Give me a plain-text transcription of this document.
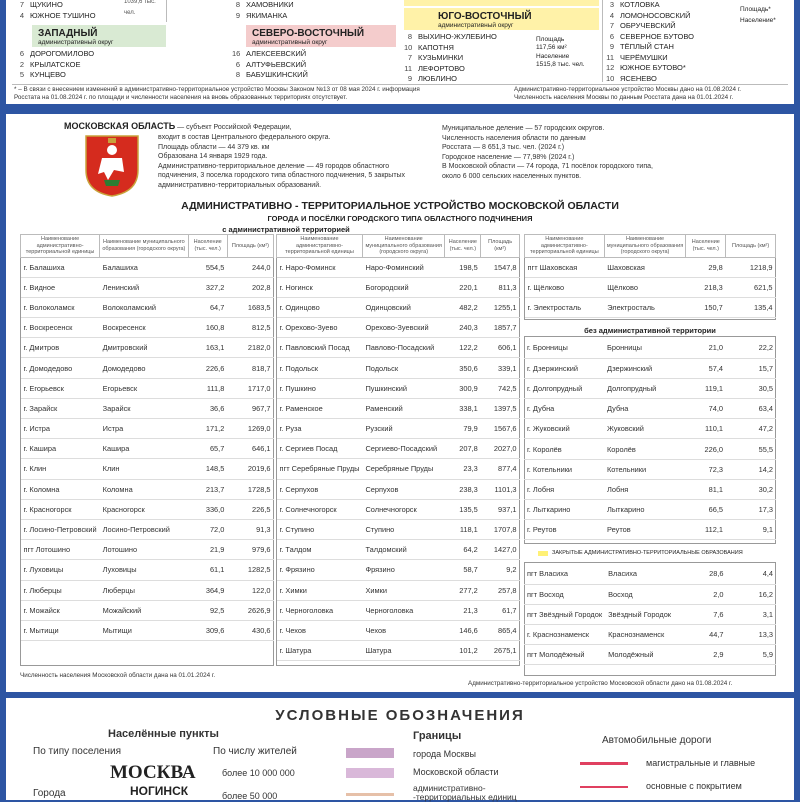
7 ЩУКИНО
4 ЮЖНОЕ ТУШИНО
1039,6 тыс. чел.
ЗАПАДНЫЙ
административный округ
6 ДОРОГОМИЛОВО
2 КРЫЛАТСКОЕ
5 КУНЦЕВО
8 ХАМОВНИКИ
9 ЯКИМАНКА
СЕВЕРО-ВОСТОЧНЫЙ
административный округ
16 АЛЕКСЕЕВСКИЙ
6 АЛТУФЬЕВСКИЙ
8 БАБУШКИНСКИЙ
ЮГО-ВОСТОЧНЫЙ
административный округ
8 ВЫХИНО-ЖУЛЕБИНО
10 КАПОТНЯ
7 КУЗЬМИНКИ
11 ЛЕФОРТОВО
9 ЛЮБЛИНО
Площадь
117,56 км²
Население
1515,8 тыс. чел.
3 КОТЛОВКА
4 ЛОМОНОСОВСКИЙ
7 ОБРУЧЕВСКИЙ
6 СЕВЕРНОЕ БУТОВО
9 ТЁПЛЫЙ СТАН
11 ЧЕРЁМУШКИ
12 ЮЖНОЕ БУТОВО*
10 ЯСЕНЕВО
Площадь*
Население*
* – В связи с внесением изменений в административно-территориальное устройство Москвы Законом №13 от 08 мая 2024 г. информация
Росстата на 01.08.2024 г. по площади и численности населения на вновь образованных территориях отсутствует.
Административно-территориальное устройство Москвы дано на 01.08.2024 г.
Численность населения Москвы по данным Росстата дана на 01.01.2024 г.
МОСКОВСКАЯ ОБЛАСТЬ — субъект Российской Федерации,
входит в состав Центрального федерального округа.
Площадь области — 44 379 кв. км
Образована 14 января 1929 года.
Административно-территориальное деление — 49 городов областного
подчинения, 3 поселка городского типа областного подчинения, 5 закрытых
административно-территориальных образований.
Муниципальное деление — 57 городских округов.
Численность населения области по данным
Росстата — 8 651,3 тыс. чел. (2024 г.)
Городское население — 77,98% (2024 г.)
В Московской области — 74 города, 71 посёлок городского типа,
около 6 000 сельских населенных пунктов.
АДМИНИСТРАТИВНО - ТЕРРИТОРИАЛЬНОЕ УСТРОЙСТВО МОСКОВСКОЙ ОБЛАСТИ
ГОРОДА И ПОСЁЛКИ ГОРОДСКОГО ТИПА ОБЛАСТНОГО ПОДЧИНЕНИЯ
с административной территорией
Наименование административно-территориальной единицы	Наименование муниципального образования (городского округа)	Население (тыс. чел.)	Площадь (км²)
г. Балашиха	Балашиха	554,5	244,0
г. Видное	Ленинский	327,2	202,8
г. Волоколамск	Волоколамский	64,7	1683,5
г. Воскресенск	Воскресенск	160,8	812,5
г. Дмитров	Дмитровский	163,1	2182,0
г. Домодедово	Домодедово	226,6	818,7
г. Егорьевск	Егорьевск	111,8	1717,0
г. Зарайск	Зарайск	36,6	967,7
г. Истра	Истра	171,2	1269,0
г. Кашира	Кашира	65,7	646,1
г. Клин	Клин	148,5	2019,6
г. Коломна	Коломна	213,7	1728,5
г. Красногорск	Красногорск	336,0	226,5
г. Лосино-Петровский	Лосино-Петровский	72,0	91,3
пгт Лотошино	Лотошино	21,9	979,6
г. Луховицы	Луховицы	61,1	1282,5
г. Люберцы	Люберцы	364,9	122,0
г. Можайск	Можайский	92,5	2626,9
г. Мытищи	Мытищи	309,6	430,6
Наименование административно-территориальной единицы	Наименование муниципального образования (городского округа)	Население (тыс. чел.)	Площадь (км²)
г. Наро-Фоминск	Наро-Фоминский	198,5	1547,8
г. Ногинск	Богородский	220,1	811,3
г. Одинцово	Одинцовский	482,2	1255,1
г. Орехово-Зуево	Орехово-Зуевский	240,3	1857,7
г. Павловский Посад	Павлово-Посадский	122,2	606,1
г. Подольск	Подольск	350,6	339,1
г. Пушкино	Пушкинский	300,9	742,5
г. Раменское	Раменский	338,1	1397,5
г. Руза	Рузский	79,9	1567,6
г. Сергиев Посад	Сергиево-Посадский	207,8	2027,0
пгт Серебряные Пруды	Серебряные Пруды	23,3	877,4
г. Серпухов	Серпухов	238,3	1101,3
г. Солнечногорск	Солнечногорск	135,5	937,1
г. Ступино	Ступино	118,1	1707,8
г. Талдом	Талдомский	64,2	1427,0
г. Фрязино	Фрязино	58,7	9,2
г. Химки	Химки	277,2	257,8
г. Черноголовка	Черноголовка	21,3	61,7
г. Чехов	Чехов	146,6	865,4
г. Шатура	Шатура	101,2	2675,1
Наименование административно-территориальной единицы	Наименование муниципального образования (городского округа)	Население (тыс. чел.)	Площадь (км²)
пгт Шаховская	Шаховская	29,8	1218,9
г. Щёлково	Щёлково	218,3	621,5
г. Электросталь	Электросталь	150,7	135,4
без административной территории
г. Бронницы	Бронницы	21,0	22,2
г. Дзержинский	Дзержинский	57,4	15,7
г. Долгопрудный	Долгопрудный	119,1	30,5
г. Дубна	Дубна	74,0	63,4
г. Жуковский	Жуковский	110,1	47,2
г. Королёв	Королёв	226,0	55,5
г. Котельники	Котельники	72,3	14,2
г. Лобня	Лобня	81,1	30,2
г. Лыткарино	Лыткарино	66,5	17,3
г. Реутов	Реутов	112,1	9,1
ЗАКРЫТЫЕ АДМИНИСТРАТИВНО-ТЕРРИТОРИАЛЬНЫЕ ОБРАЗОВАНИЯ
пгт Власиха	Власиха	28,6	4,4
пгт Восход	Восход	2,0	16,2
пгт Звёздный Городок	Звёздный Городок	7,6	3,1
г. Краснознаменск	Краснознаменск	44,7	13,3
пгт Молодёжный	Молодёжный	2,9	5,9
Численность населения Московской области дана на 01.01.2024 г.
Административно-территориальное устройство Московской области дано на 01.08.2024 г.
УСЛОВНЫЕ ОБОЗНАЧЕНИЯ
Населённые пункты
По типу поселения	По числу жителей
МОСКВА
НОГИНСК
Города
более 10 000 000
более 50 000
Границы
города Москвы
Московской области
административно-
-территориальных единиц
Автомобильные дороги
магистральные и главные
основные с покрытием
